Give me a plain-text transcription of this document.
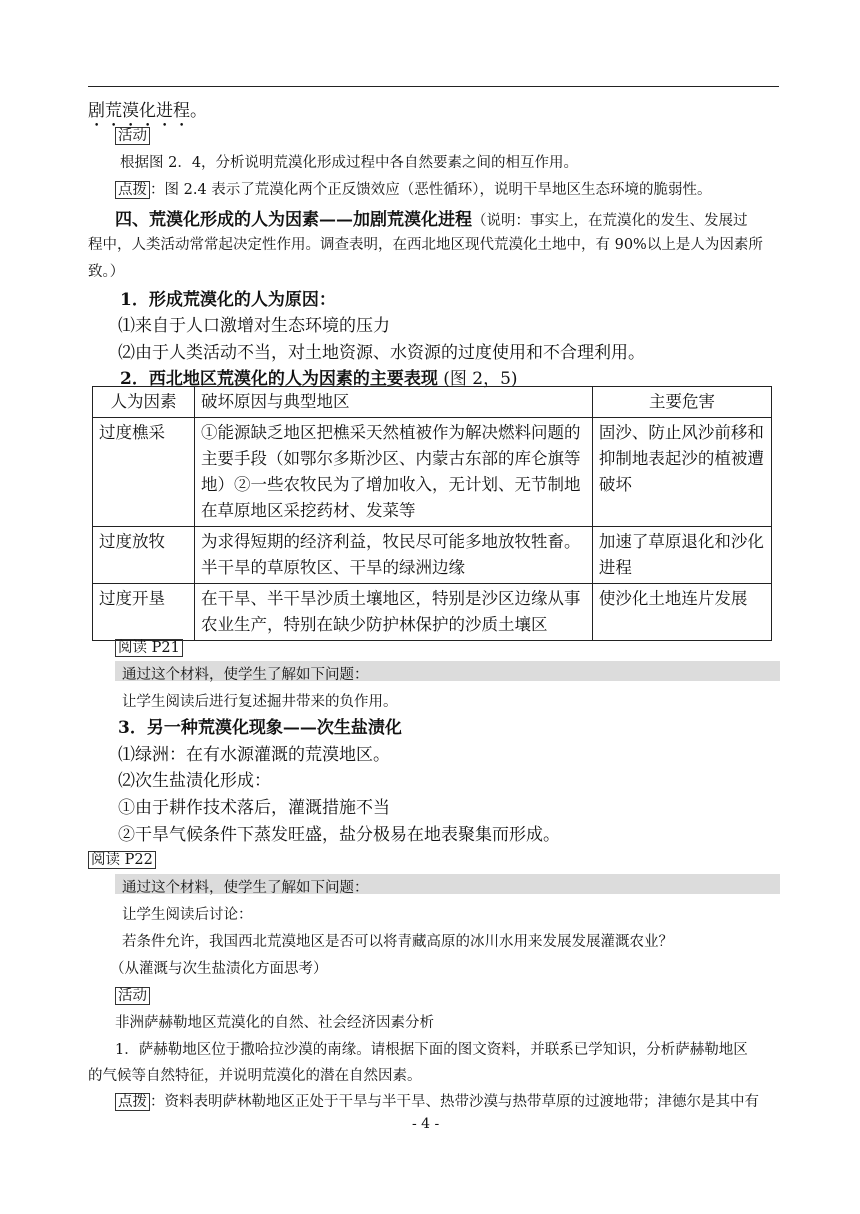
剧荒漠化进程。
活动
根据图 2．4，分析说明荒漠化形成过程中各自然要素之间的相互作用。
点拨 ：图 2.4 表示了荒漠化两个正反馈效应（恶性循环），说明干旱地区生态环境的脆弱性。
四、荒漠化形成的人为因素——加剧荒漠化进程（说明：事实上，在荒漠化的发生、发展过
程中，人类活动常常起决定性作用。调查表明，在西北地区现代荒漠化土地中，有 90%以上是人为因素所
致。）
1．形成荒漠化的人为原因：
⑴来自于人口激增对生态环境的压力
⑵由于人类活动不当，对土地资源、水资源的过度使用和不合理利用。
2．西北地区荒漠化的人为因素的主要表现 (图 2，5)
人为因素	破坏原因与典型地区	主要危害
过度樵采	①能源缺乏地区把樵采天然植被作为解决燃料问题的主要手段（如鄂尔多斯沙区、内蒙古东部的库仑旗等地）②一些农牧民为了增加收入，无计划、无节制地在草原地区采挖药材、发菜等	固沙、防止风沙前移和抑制地表起沙的植被遭破坏
过度放牧	为求得短期的经济利益，牧民尽可能多地放牧牲畜。半干旱的草原牧区、干旱的绿洲边缘	加速了草原退化和沙化进程
过度开垦	在干旱、半干旱沙质土壤地区，特别是沙区边缘从事农业生产，特别在缺少防护林保护的沙质土壤区	使沙化土地连片发展
阅读 P21
通过这个材料，使学生了解如下问题：
让学生阅读后进行复述掘井带来的负作用。
3．另一种荒漠化现象——次生盐渍化
⑴绿洲：在有水源灌溉的荒漠地区。
⑵次生盐渍化形成：
①由于耕作技术落后，灌溉措施不当
②干旱气候条件下蒸发旺盛，盐分极易在地表聚集而形成。
阅读 P22
通过这个材料，使学生了解如下问题：
让学生阅读后讨论：
若条件允许，我国西北荒漠地区是否可以将青藏高原的冰川水用来发展发展灌溉农业？
（从灌溉与次生盐渍化方面思考）
活动
非洲萨赫勒地区荒漠化的自然、社会经济因素分析
1．萨赫勒地区位于撒哈拉沙漠的南缘。请根据下面的图文资料，并联系已学知识，分析萨赫勒地区
的气候等自然特征，并说明荒漠化的潜在自然因素。
点拨 ：资料表明萨林勒地区正处于干旱与半干旱、热带沙漠与热带草原的过渡地带；津德尔是其中有
- 4 -
